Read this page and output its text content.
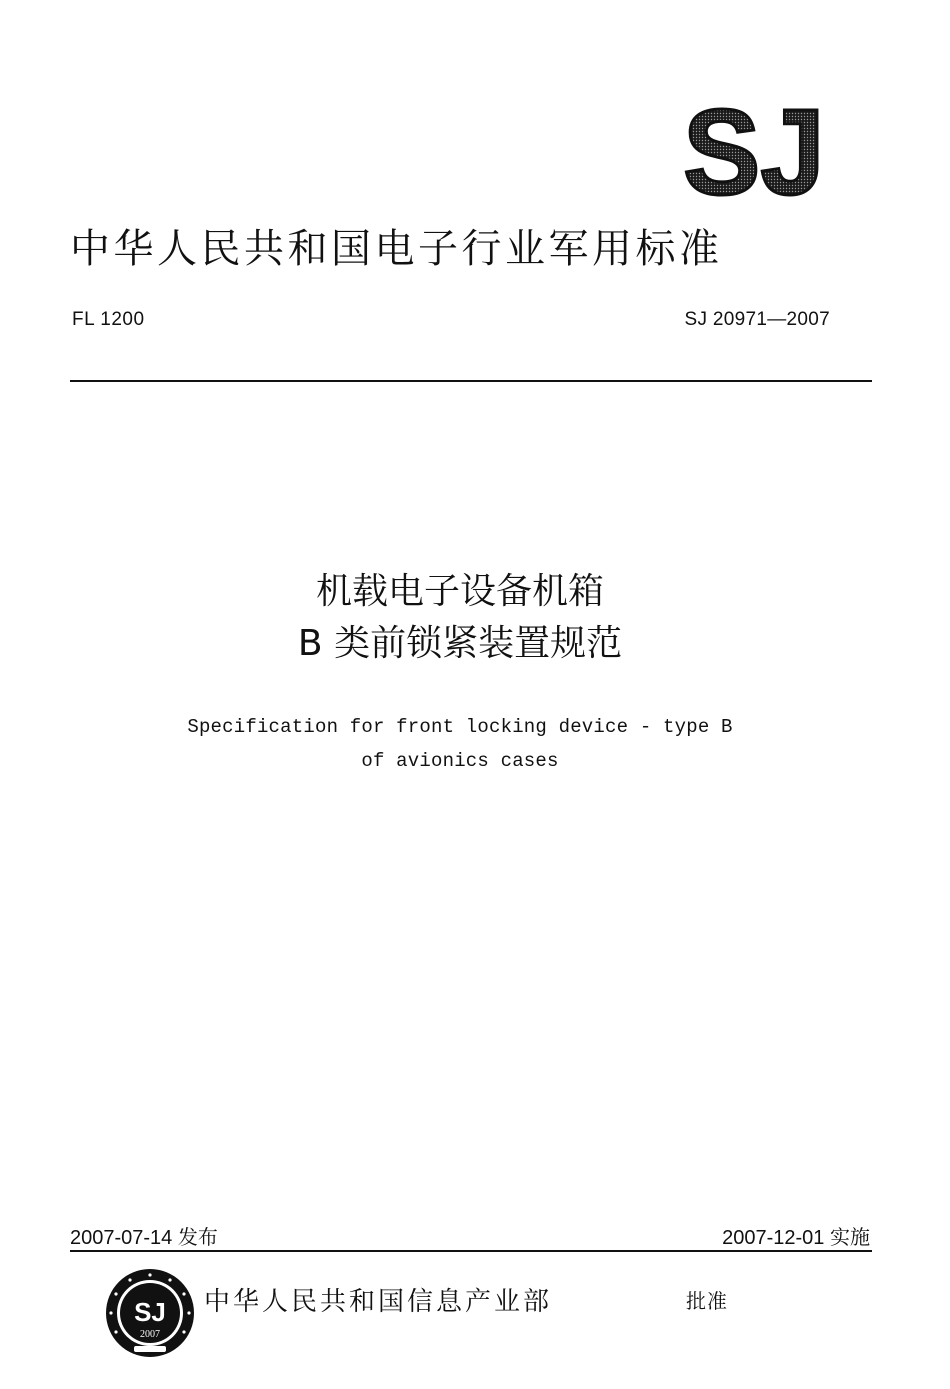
SJ
中华人民共和国电子行业军用标准
FL 1200	SJ 20971—2007
机载电子设备机箱
B 类前锁紧装置规范
Specification for front locking device - type B
of avionics cases
2007-07-14 发布	2007-12-01 实施
SJ
2007
中华人民共和国信息产业部	批准
